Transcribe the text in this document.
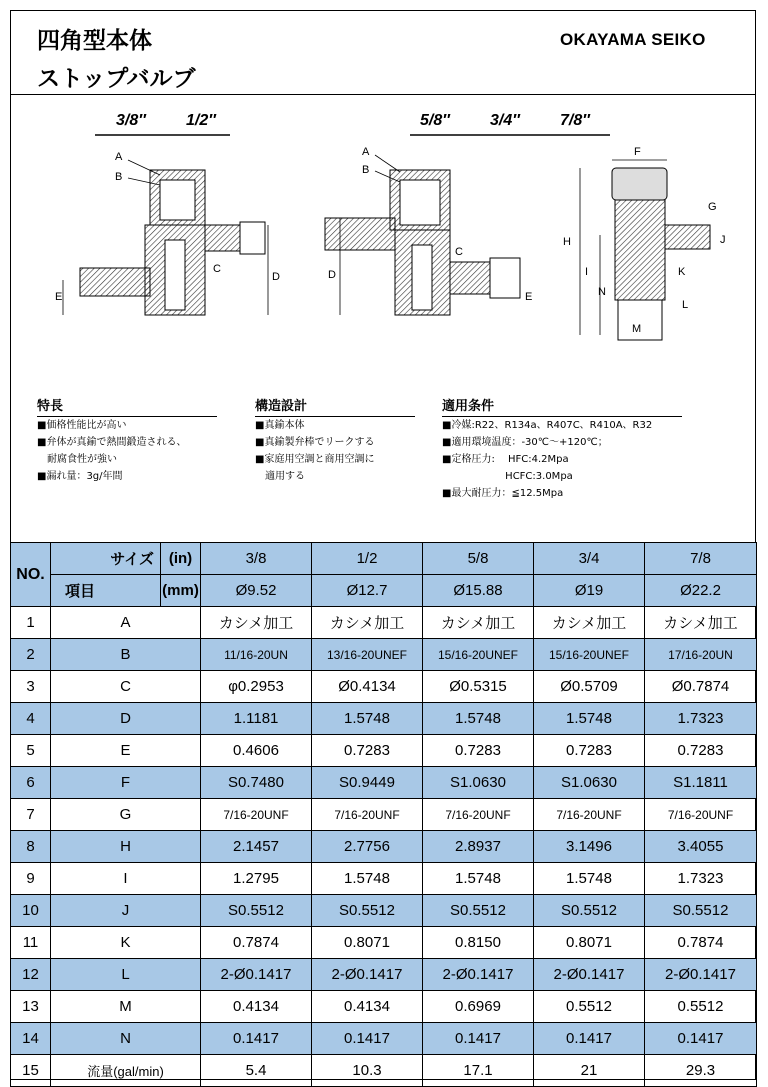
四角型本体
ストップバルブ
OKAYAMA SEIKO
3/8″	1/2″	5/8″	3/4″	7/8″
A
B
C
D
E
A
B
C
D
E
F
G
H
I
J
K
L
M
N
特長
■価格性能比が高い
■弁体が真鍮で熱間鍛造される、
　耐腐食性が強い
■漏れ量：3g/年間
構造設計
■真鍮本体
■真鍮製弁棒でリークする
■家庭用空調と商用空調に
　適用する
適用条件
■冷媒:R22、R134a、R407C、R410A、R32
■適用環境温度：-30℃～+120℃；
■定格圧力:　 HFC:4.2Mpa
　　　　　　 HCFC:3.0Mpa
■最大耐圧力：≦12.5Mpa
NO.	サイズ	(in)	3/8	1/2	5/8	3/4	7/8
	項目	(mm)	Ø9.52	Ø12.7	Ø15.88	Ø19	Ø22.2
1	A		カシメ加工	カシメ加工	カシメ加工	カシメ加工	カシメ加工
2	B		11/16-20UN	13/16-20UNEF	15/16-20UNEF	15/16-20UNEF	17/16-20UN
3	C		φ0.2953	Ø0.4134	Ø0.5315	Ø0.5709	Ø0.7874
4	D		1.1181	1.5748	1.5748	1.5748	1.7323
5	E		0.4606	0.7283	0.7283	0.7283	0.7283
6	F		S0.7480	S0.9449	S1.0630	S1.0630	S1.1811
7	G		7/16-20UNF	7/16-20UNF	7/16-20UNF	7/16-20UNF	7/16-20UNF
8	H		2.1457	2.7756	2.8937	3.1496	3.4055
9	I		1.2795	1.5748	1.5748	1.5748	1.7323
10	J		S0.5512	S0.5512	S0.5512	S0.5512	S0.5512
11	K		0.7874	0.8071	0.8150	0.8071	0.7874
12	L		2-Ø0.1417	2-Ø0.1417	2-Ø0.1417	2-Ø0.1417	2-Ø0.1417
13	M		0.4134	0.4134	0.6969	0.5512	0.5512
14	N		0.1417	0.1417	0.1417	0.1417	0.1417
15	流量(gal/min)		5.4	10.3	17.1	21	29.3
